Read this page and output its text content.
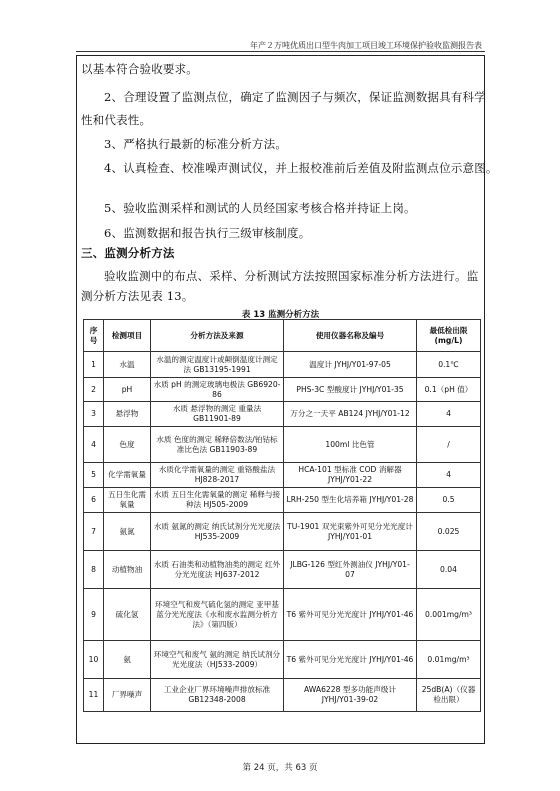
年产２万吨优质出口型牛肉加工项目竣工环境保护验收监测报告表
以基本符合验收要求。
2、合理设置了监测点位，确定了监测因子与频次，保证监测数据具有科学
性和代表性。
3、严格执行最新的标准分析方法。
4、认真检查、校准噪声测试仪，并上报校准前后差值及附监测点位示意图。
5、验收监测采样和测试的人员经国家考核合格并持证上岗。
6、监测数据和报告执行三级审核制度。
三、监测分析方法
验收监测中的布点、采样、分析测试方法按照国家标准分析方法进行。监
测分析方法见表 13。
表 13 监测分析方法
序号	检测项目	分析方法及来源	使用仪器名称及编号	最低检出限 (mg/L)
1	水温	水温的测定温度计或颠倒温度计测定法 GB13195-1991	温度计 JYHJ/Y01-97-05	0.1℃
2	pH	水质 pH 的测定玻璃电极法 GB6920-86	PHS-3C 型酸度计 JYHJ/Y01-35	0.1（pH 值）
3	悬浮物	水质 悬浮物的测定 重量法 GB11901-89	万分之一天平 AB124 JYHJ/Y01-12	4
4	色度	水质 色度的测定 稀释倍数法/铂钴标准比色法 GB11903-89	100ml 比色管	/
5	化学需氧量	水质化学需氧量的测定 重铬酸盐法 HJ828-2017	HCA-101 型标准 COD 消解器 JYHJ/Y01-22	4
6	五日生化需氧量	水质 五日生化需氧量的测定 稀释与接种法 HJ505-2009	LRH-250 型生化培养箱 JYHJ/Y01-28	0.5
7	氨氮	水质 氨氮的测定 纳氏试剂分光光度法 HJ535-2009	TU-1901 双光束紫外可见分光光度计 JYHJ/Y01-01	0.025
8	动植物油	水质 石油类和动植物油类的测定 红外分光光度法 HJ637-2012	JLBG-126 型红外测油仪 JYHJ/Y01-07	0.04
9	硫化氢	环境空气和废气硫化氢的测定 亚甲基蓝分光光度法《水和废水监测分析方法》（第四版）	T6 紫外可见分光光度计 JYHJ/Y01-46	0.001mg/m³
10	氨	环境空气和废气 氨的测定 纳氏试剂分光光度法（HJ533-2009）	T6 紫外可见分光光度计 JYHJ/Y01-46	0.01mg/m³
11	厂界噪声	工业企业厂界环境噪声排放标准 GB12348-2008	AWA6228 型多功能声级计 JYHJ/Y01-39-02	25dB(A)（仪器检出限）
第 24 页，共 63 页
